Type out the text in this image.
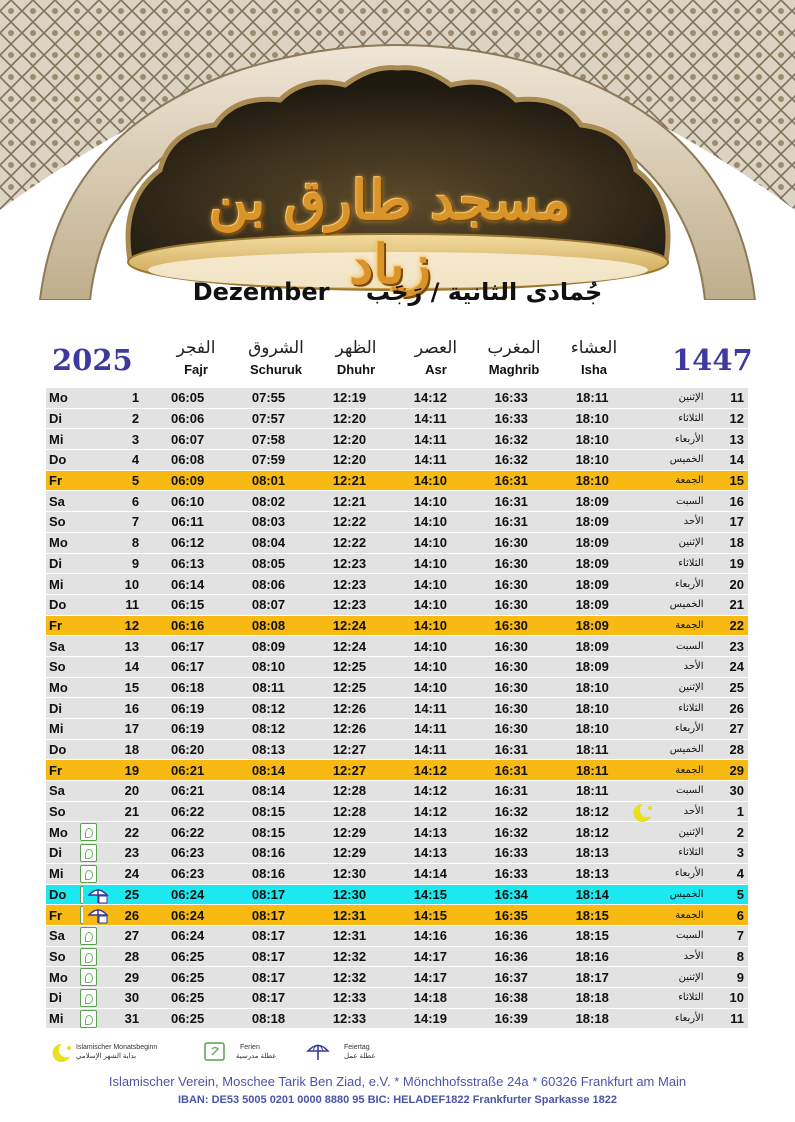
مسجد طارق بن زياد
Dezember جُمادى الثانية / رَجَب
2025	1447
الفجر
Fajr
الشروق
Schuruk
الظهر
Dhuhr
العصر
Asr
المغرب
Maghrib
العشاء
Isha
Mo	1	06:05	07:55	12:19	14:12	16:33	18:11	الإثنين	11
Di	2	06:06	07:57	12:20	14:11	16:33	18:10	الثلاثاء	12
Mi	3	06:07	07:58	12:20	14:11	16:32	18:10	الأربعاء	13
Do	4	06:08	07:59	12:20	14:11	16:32	18:10	الخميس	14
Fr	5	06:09	08:01	12:21	14:10	16:31	18:10	الجمعة	15
Sa	6	06:10	08:02	12:21	14:10	16:31	18:09	السبت	16
So	7	06:11	08:03	12:22	14:10	16:31	18:09	الأحد	17
Mo	8	06:12	08:04	12:22	14:10	16:30	18:09	الإثنين	18
Di	9	06:13	08:05	12:23	14:10	16:30	18:09	الثلاثاء	19
Mi	10	06:14	08:06	12:23	14:10	16:30	18:09	الأربعاء	20
Do	11	06:15	08:07	12:23	14:10	16:30	18:09	الخميس	21
Fr	12	06:16	08:08	12:24	14:10	16:30	18:09	الجمعة	22
Sa	13	06:17	08:09	12:24	14:10	16:30	18:09	السبت	23
So	14	06:17	08:10	12:25	14:10	16:30	18:09	الأحد	24
Mo	15	06:18	08:11	12:25	14:10	16:30	18:10	الإثنين	25
Di	16	06:19	08:12	12:26	14:11	16:30	18:10	الثلاثاء	26
Mi	17	06:19	08:12	12:26	14:11	16:30	18:10	الأربعاء	27
Do	18	06:20	08:13	12:27	14:11	16:31	18:11	الخميس	28
Fr	19	06:21	08:14	12:27	14:12	16:31	18:11	الجمعة	29
Sa	20	06:21	08:14	12:28	14:12	16:31	18:11	السبت	30
So	21	06:22	08:15	12:28	14:12	16:32	18:12	الأحد	1
Mo	22	06:22	08:15	12:29	14:13	16:32	18:12	الإثنين	2
Di	23	06:23	08:16	12:29	14:13	16:33	18:13	الثلاثاء	3
Mi	24	06:23	08:16	12:30	14:14	16:33	18:13	الأربعاء	4
Do	25	06:24	08:17	12:30	14:15	16:34	18:14	الخميس	5
Fr	26	06:24	08:17	12:31	14:15	16:35	18:15	الجمعة	6
Sa	27	06:24	08:17	12:31	14:16	16:36	18:15	السبت	7
So	28	06:25	08:17	12:32	14:17	16:36	18:16	الأحد	8
Mo	29	06:25	08:17	12:32	14:17	16:37	18:17	الإثنين	9
Di	30	06:25	08:17	12:33	14:18	16:38	18:18	الثلاثاء	10
Mi	31	06:25	08:18	12:33	14:19	16:39	18:18	الأربعاء	11
Islamischer Monatsbeginn
بداية الشهر الإسلامي
Ferien
عطلة مدرسية
Feiertag
عطلة عمل
Islamischer Verein, Moschee Tarik Ben Ziad, e.V. * Mönchhofsstraße 24a * 60326 Frankfurt am Main
IBAN: DE53 5005 0201 0000 8880 95 BIC: HELADEF1822 Frankfurter Sparkasse 1822
